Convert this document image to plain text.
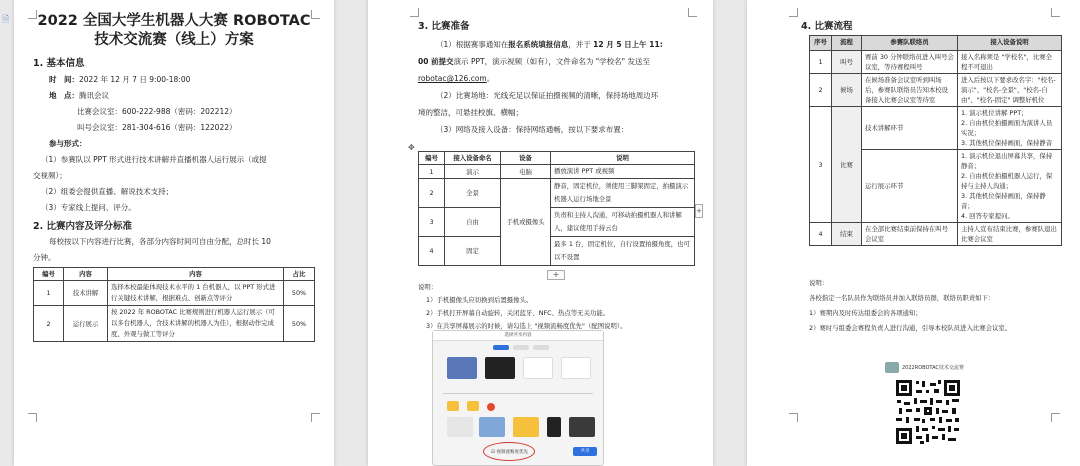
🗎	2022 全国大学生机器人大赛 ROBOTAC
技术交流赛（线上）方案
1. 基本信息
时　间：2022 年 12 月 7 日 9:00-18:00
地　点：腾讯会议
比赛会议室：600-222-988（密码：202212）
叫号会议室：281-304-616（密码：122022）
参与形式：
（1）参赛队以 PPT 形式进行技术讲解并直播机器人运行展示（或提
交视频）；
（2）组委会提供直播、解说技术支持；
（3）专家线上提问、评分。
2. 比赛内容及评分标准
每校按以下内容进行比赛，各部分内容时间可自由分配，总时长 10
分钟。
编号	内容	内容	占比
1	技术讲解	选择本校最能体现技术水平的 1 台机器人，以 PPT 形式进行关键技术讲解，根据难点、创新点等评分	50%
2	运行展示	按 2022 年 ROBOTAC 比赛规则进行机器人运行展示（可以多台机器人，含技术讲解的机器人为佳），根据动作完成度、外观与做工等评分	50%
3. 比赛准备
（1）根据赛事通知在报名系统填报信息，并于 12 月 5 日上午 11:
00 前提交演示 PPT，演示视频（如有），文件命名为 "学校名" 发送至
robotac@126.com。
（2）比赛场地：光线充足以保证拍摄视频的清晰，保持场地周边环
境的整洁，可悬挂校旗、横幅；
（3）网络及接入设备：保持网络通畅，按以下要求布置：
✥
编号	接入设备命名	设备	说明
1	演示	电脑	播放演讲 PPT 或视频
2	全景	手机或摄像头	静音，固定机位，须使用三脚架固定，拍摄演示机器人运行场地全景
3	自由		负责和主持人沟通，可移动拍摄机器人和讲解人，建议使用手持云台
4	固定		最多 1 台，固定机位，自行设置拍摄角度，也可以不设置
+
+
说明：
1）手机摄像头应切换到后置摄像头。
2）手机打开屏幕自动旋转，关闭蓝牙、NFC、热点等无关功能。
3）在共享屏幕展示的时候，请勾选上 "视频流畅度优先"（配图说明）。
选择共享内容
☑ 视频流畅度优先	共享
4. 比赛流程
序号	流程	参赛队联络员	接入设备说明
1	叫号	赛前 30 分钟联络员进入叫号会议室，等待赛程叫号	接入名称须是 "学校名"，比赛全程不可退出
2	候场	在候场准备会议室听到叫场后，参赛队联络员告知本校设备接入比赛会议室等待室	进入后按以下要求改名字："校名-演示"、"校名-全景"、"校名-自由"、"校名-固定" 调整好机位
3	比赛	技术讲解环节	1. 演示机位讲解 PPT；
2. 自由机位拍摄画面为演讲人员实况；
3. 其他机位保持画面，保持静音
		运行展示环节	1. 演示机位退出屏幕共享，保持静音；
2. 自由机位拍摄机器人运行，保持与主持人沟通；
3. 其他机位保持画面，保持静音；
4. 回答专家提问。
4	结束	在全部比赛结束前保持在叫号会议室	主持人宣布结束比赛，参赛队退出比赛会议室
说明：
各校指定一名队员作为联络员并加入联络员群，联络员职责如下：
1）赛期内及时传达组委会的各项通知；
2）赛时与组委会赛程负责人进行沟通，引导本校队员进入比赛会议室。
2022ROBOTAC技术交流赛
